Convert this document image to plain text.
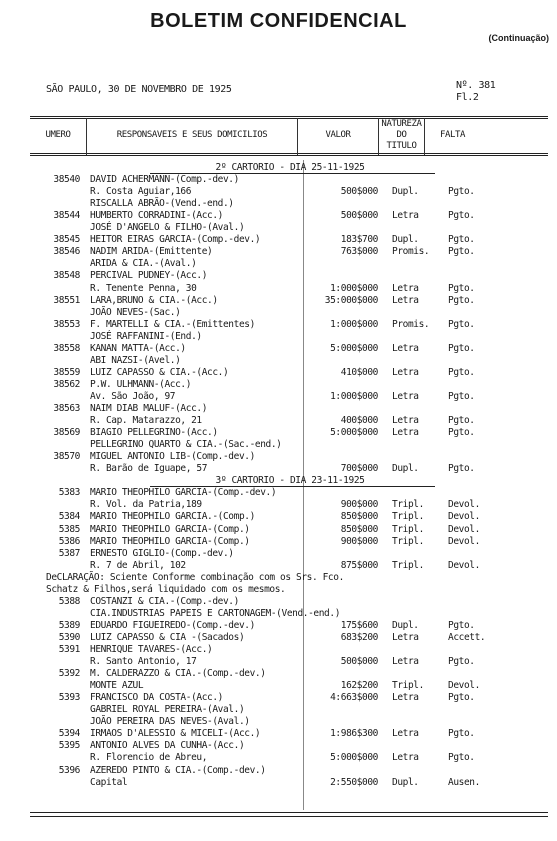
BOLETIM CONFIDENCIAL
(Continuação)
SÃO PAULO, 30 DE NOVEMBRO DE 1925	Nº. 381
Fl.2
UMERO	RESPONSAVEIS E SEUS DOMICILIOS	VALOR
NATUREZA
DO
TITULO
FALTA
2º CARTORIO - DIA 25-11-1925
38540 DAVID ACHERMANN-(Comp.-dev.)
R. Costa Aguiar,166	500$000 Dupl.	Pgto.
RISCALLA ABRÃO-(Vend.-end.)
38544 HUMBERTO CORRADINI-(Acc.)	500$000 Letra	Pgto.
JOSÉ D'ANGELO & FILHO-(Aval.)
38545 HEITOR EIRAS GARCIA-(Comp.-dev.)	183$700 Dupl.	Pgto.
38546 NADIM ARIDA-(Emittente)	763$000 Promis.	Pgto.
ARIDA & CIA.-(Aval.)
38548 PERCIVAL PUDNEY-(Acc.)
R. Tenente Penna, 30	1:000$000 Letra	Pgto.
38551 LARA,BRUNO & CIA.-(Acc.)	35:000$000 Letra	Pgto.
JOÃO NEVES-(Sac.)
38553 F. MARTELLI & CIA.-(Emittentes)	1:000$000 Promis.	Pgto.
JOSÉ RAFFANINI-(End.)
38558 KANAN MATTA-(Acc.)	5:000$000 Letra	Pgto.
ABI NAZSI-(Avel.)
38559 LUIZ CAPASSO & CIA.-(Acc.)	410$000 Letra	Pgto.
38562 P.W. ULHMANN-(Acc.)
Av. São João, 97	1:000$000 Letra	Pgto.
38563 NAIM DIAB MALUF-(Acc.)
R. Cap. Matarazzo, 21	400$000 Letra	Pgto.
38569 BIAGIO PELLEGRINO-(Acc.)	5:000$000 Letra	Pgto.
PELLEGRINO QUARTO & CIA.-(Sac.-end.)
38570 MIGUEL ANTONIO LIB-(Comp.-dev.)
R. Barão de Iguape, 57	700$000 Dupl.	Pgto.
3º CARTORIO - DIA 23-11-1925
5383 MARIO THEOPHILO GARCIA-(Comp.-dev.)
R. Vol. da Patria,189	900$000 Tripl.	Devol.
5384 MARIO THEOPHILO GARCIA.-(Comp.)	850$000 Tripl.	Devol.
5385 MARIO THEOPHILO GARCIA-(Comp.)	850$000 Tripl.	Devol.
5386 MARIO THEOPHILO GARCIA-(Comp.)	900$000 Tripl.	Devol.
5387 ERNESTO GIGLIO-(Comp.-dev.)
R. 7 de Abril, 102	875$000 Tripl.	Devol.
DeCLARAÇÃO: Sciente Conforme combinação com os Srs. Fco.
Schatz & Filhos,será liquidado com os mesmos.
5388 COSTANZI & CIA.-(Comp.-dev.)
CIA.INDUSTRIAS PAPEIS E CARTONAGEM-(Vend.-end.)
5389 EDUARDO FIGUEIREDO-(Comp.-dev.)	175$600 Dupl.	Pgto.
5390 LUIZ CAPASSO & CIA -(Sacados)	683$200 Letra	Accett.
5391 HENRIQUE TAVARES-(Acc.)
R. Santo Antonio, 17	500$000 Letra	Pgto.
5392 M. CALDERAZZO & CIA.-(Comp.-dev.)
MONTE AZUL	162$200 Tripl.	Devol.
5393 FRANCISCO DA COSTA-(Acc.)	4:663$000 Letra	Pgto.
GABRIEL ROYAL PEREIRA-(Aval.)
JOÃO PEREIRA DAS NEVES-(Aval.)
5394 IRMAOS D'ALESSIO & MICELI-(Acc.)	1:986$300 Letra	Pgto.
5395 ANTONIO ALVES DA CUNHA-(Acc.)
R. Florencio de Abreu,	5:000$000 Letra	Pgto.
5396 AZEREDO PINTO & CIA.-(Comp.-dev.)
Capital	2:550$000 Dupl.	Ausen.
